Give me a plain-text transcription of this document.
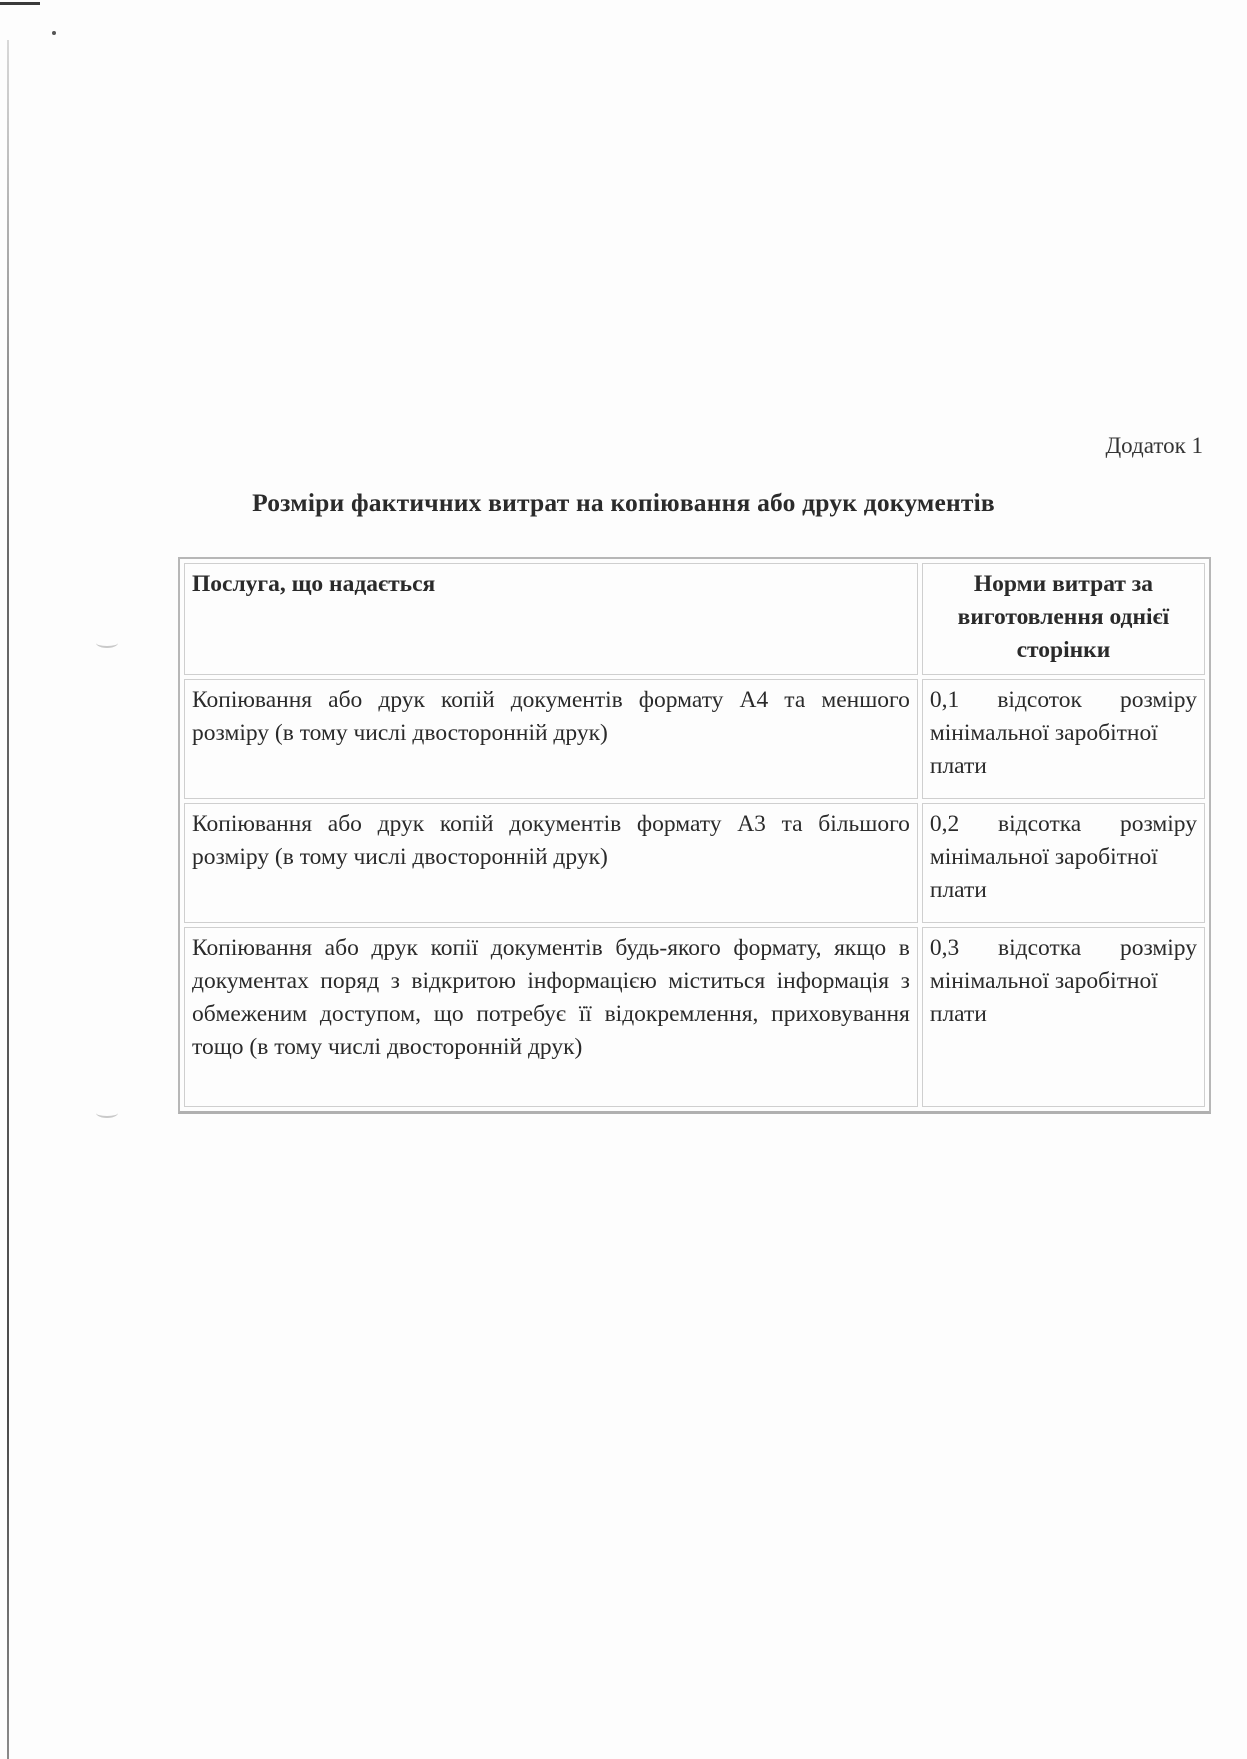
Додаток 1
Розміри фактичних витрат на копіювання або друк документів
Послуга, що надається	Норми витрат за виготовлення однієї сторінки
Копіювання або друк копій документів формату А4 та меншого розміру (в тому числі двосторонній друк)	0,1 відсоток розміру
мінімальної заробітної плати
Копіювання або друк копій документів формату А3 та більшого розміру (в тому числі двосторонній друк)	0,2 відсотка розміру
мінімальної заробітної плати
Копіювання або друк копії документів будь-якого формату, якщо в документах поряд з відкритою інформацією міститься інформація з обмеженим доступом, що потребує її відокремлення, приховування тощо (в тому числі двосторонній друк)	0,3 відсотка розміру
мінімальної заробітної плати
